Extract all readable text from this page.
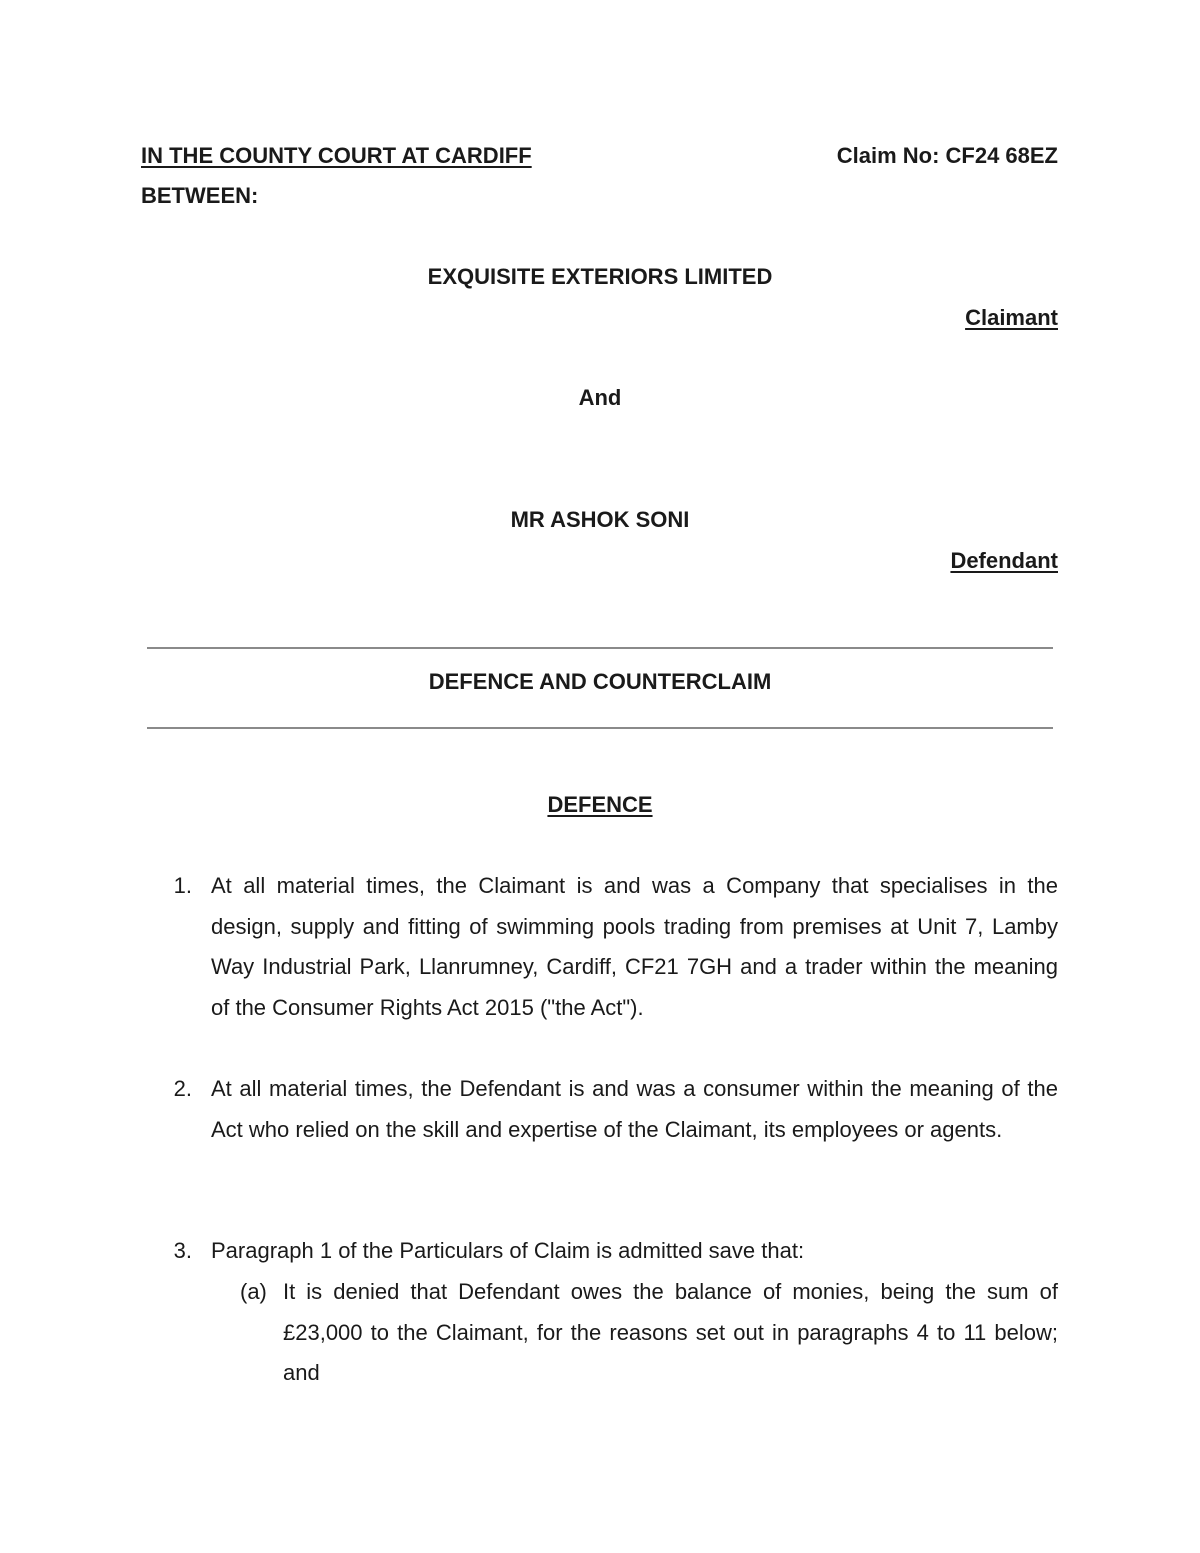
IN THE COUNTY COURT AT CARDIFF	Claim No: CF24 68EZ
BETWEEN:
EXQUISITE EXTERIORS LIMITED
Claimant
And
MR ASHOK SONI
Defendant
DEFENCE AND COUNTERCLAIM
DEFENCE
1. At all material times, the Claimant is and was a Company that specialises in the design, supply and fitting of swimming pools trading from premises at Unit 7, Lamby Way Industrial Park, Llanrumney, Cardiff, CF21 7GH and a trader within the meaning of the Consumer Rights Act 2015 ("the Act").
2. At all material times, the Defendant is and was a consumer within the meaning of the Act who relied on the skill and expertise of the Claimant, its employees or agents.
3. Paragraph 1 of the Particulars of Claim is admitted save that:
(a) It is denied that Defendant owes the balance of monies, being the sum of £23,000 to the Claimant, for the reasons set out in paragraphs 4 to 11 below; and
